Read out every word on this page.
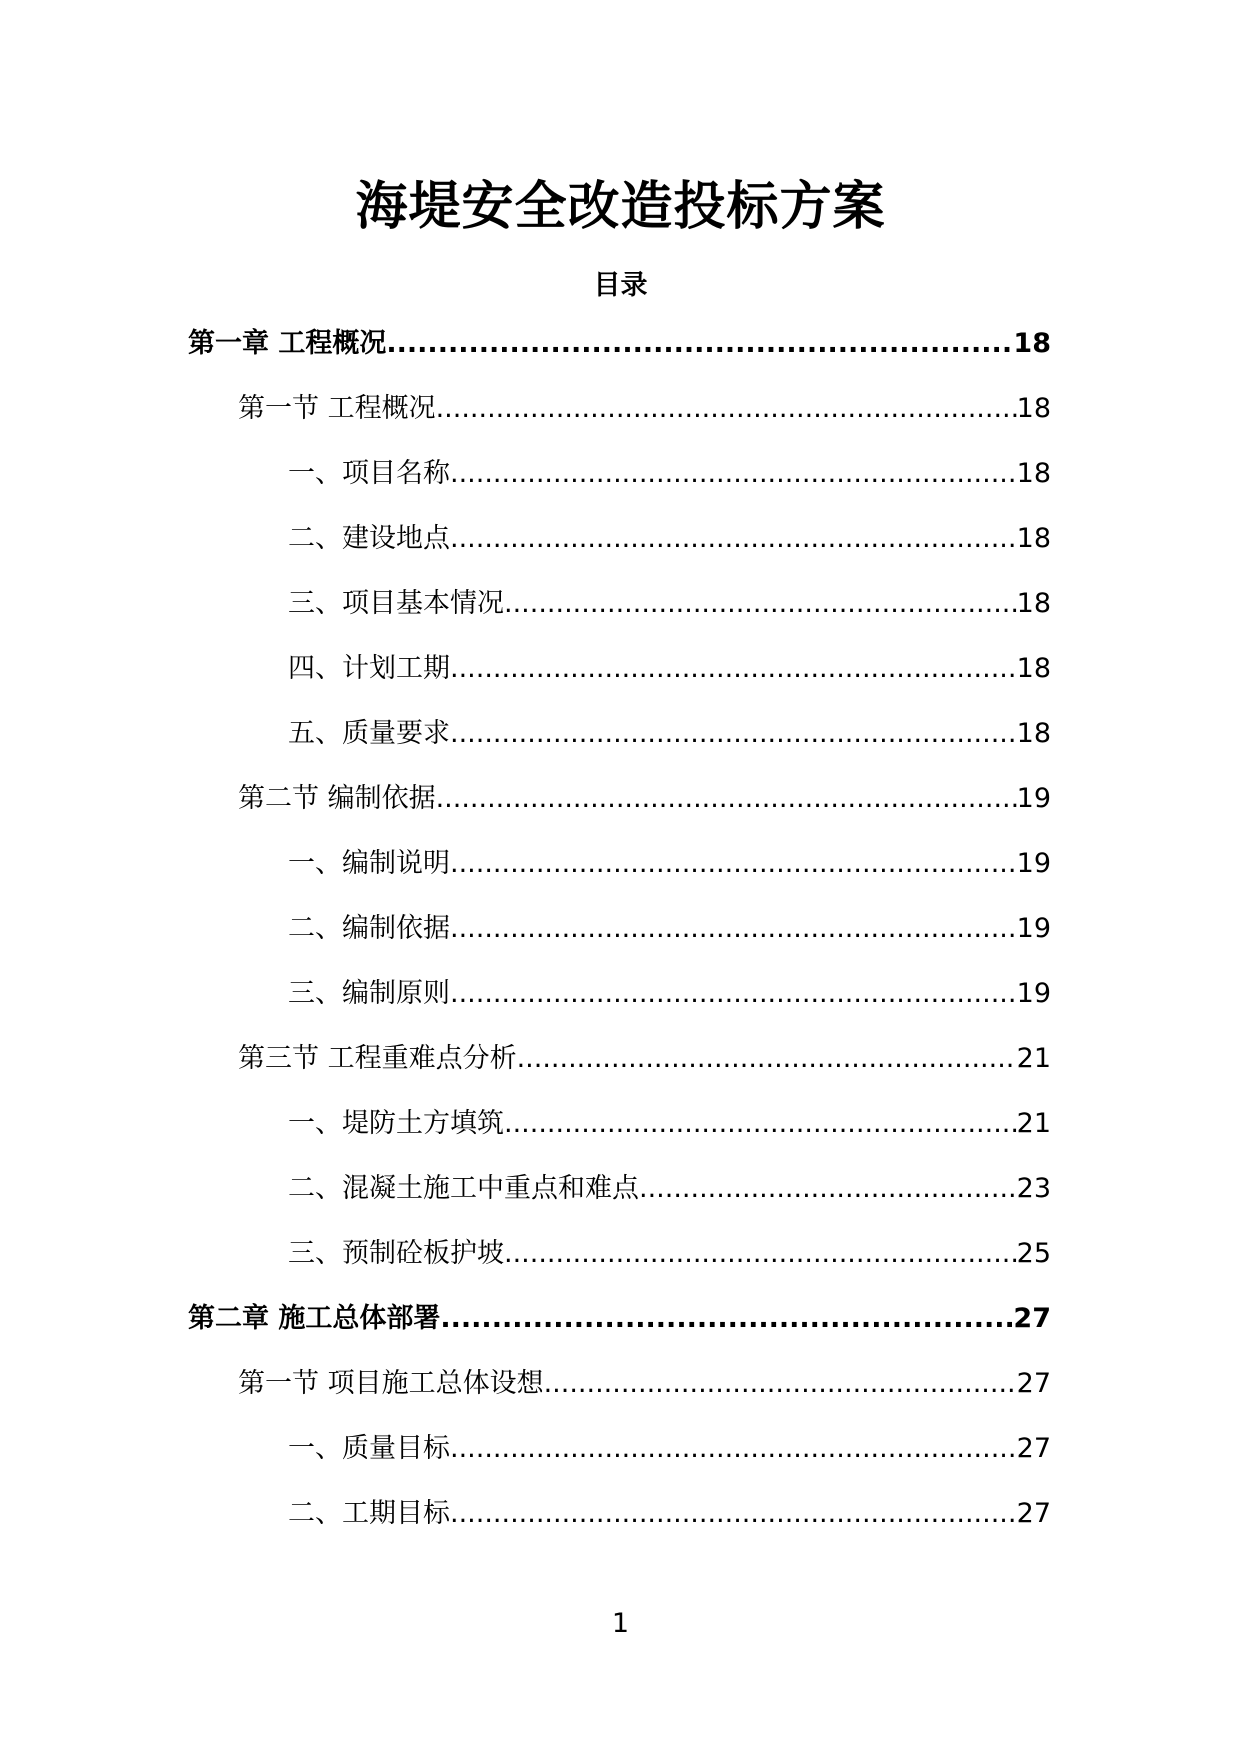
海堤安全改造投标方案
目录
第一章 工程概况 .....	18
第一节 工程概况 .....	18
一、项目名称 .....	18
二、建设地点 .....	18
三、项目基本情况 .....	18
四、计划工期 .....	18
五、质量要求 .....	18
第二节 编制依据 .....	19
一、编制说明 .....	19
二、编制依据 .....	19
三、编制原则 .....	19
第三节 工程重难点分析 .....	21
一、堤防土方填筑 .....	21
二、混凝土施工中重点和难点 .....	23
三、预制砼板护坡 .....	25
第二章 施工总体部署 .....	27
第一节 项目施工总体设想 .....	27
一、质量目标 .....	27
二、工期目标 .....	27
1
